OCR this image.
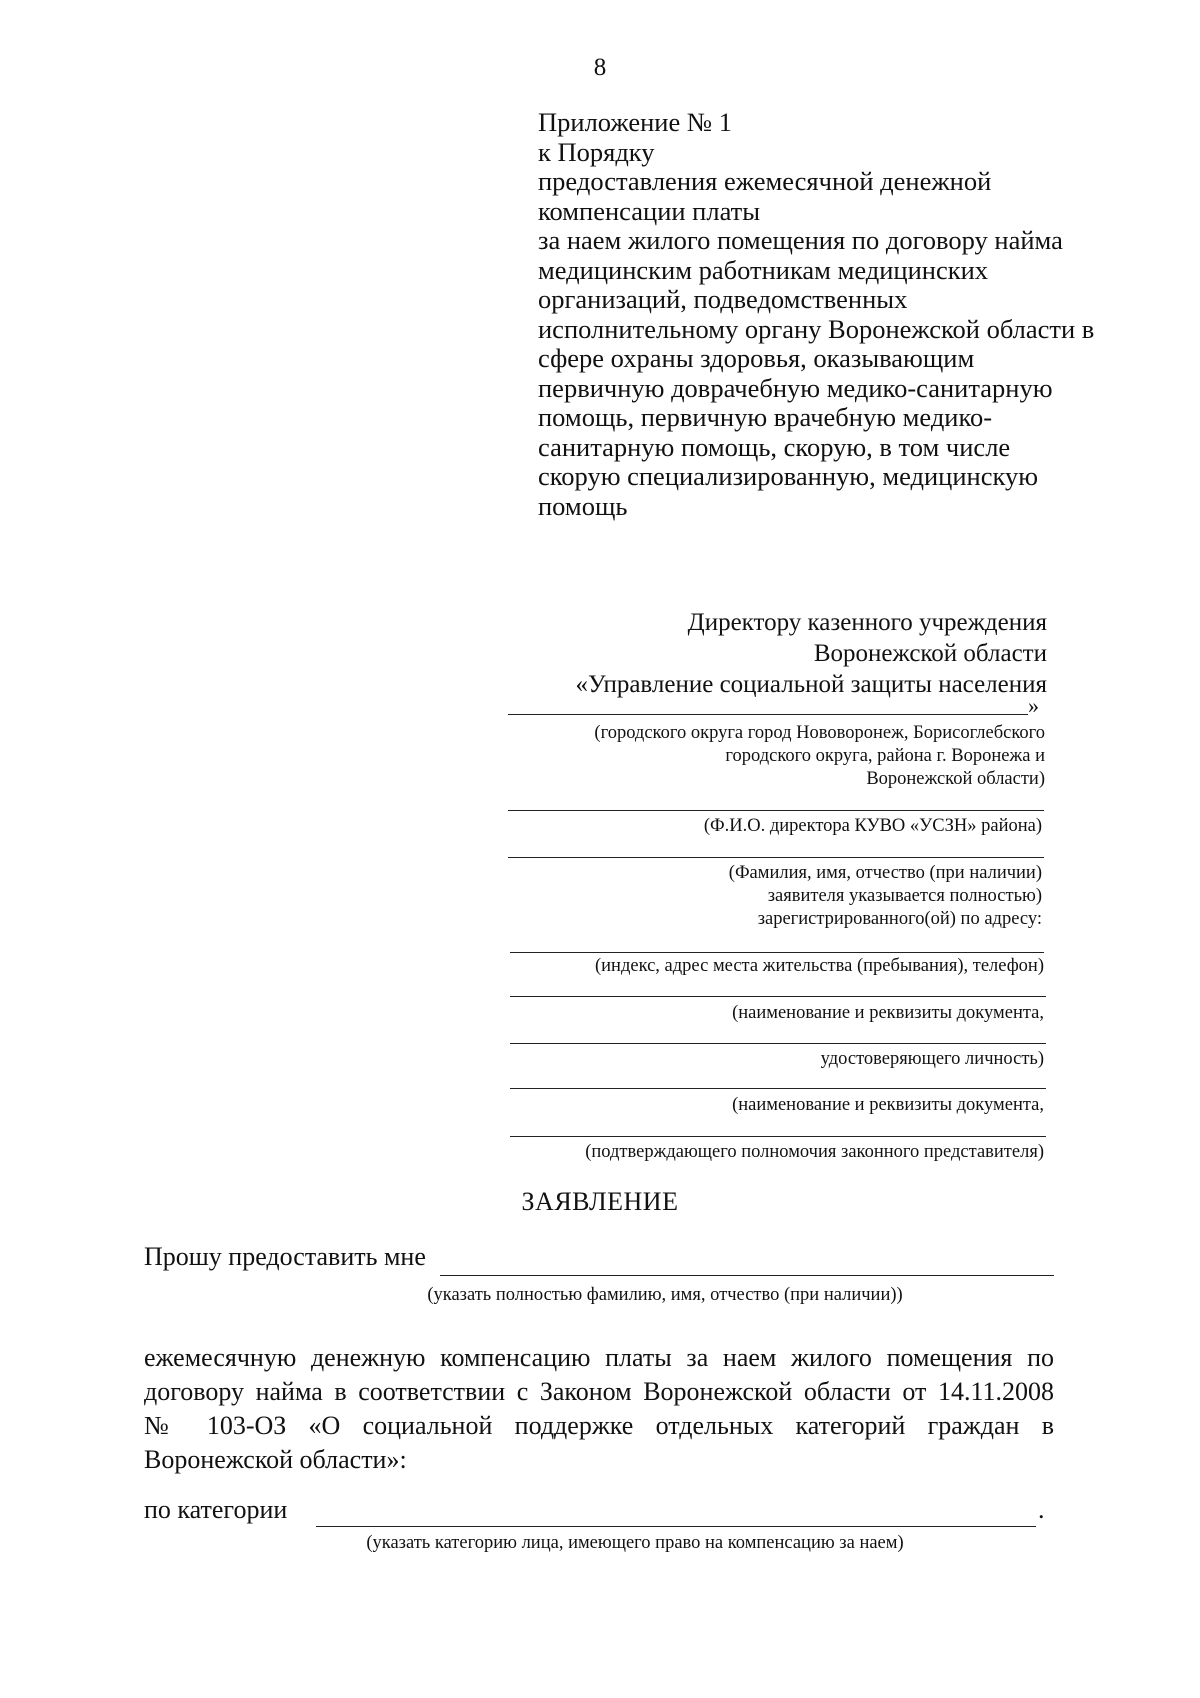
8
Приложение № 1
к Порядку
предоставления ежемесячной денежной
компенсации платы
за наем жилого помещения по договору найма
медицинским работникам медицинских
организаций, подведомственных
исполнительному органу Воронежской области в
сфере охраны здоровья, оказывающим
первичную доврачебную медико-санитарную
помощь, первичную врачебную медико-
санитарную помощь, скорую, в том числе
скорую специализированную, медицинскую
помощь
Директору казенного учреждения
Воронежской области
«Управление социальной защиты населения
»
(городского округа город Нововоронеж, Борисоглебского
городского округа, района г. Воронежа и
Воронежской области)
(Ф.И.О. директора КУВО «УСЗН» района)
(Фамилия, имя, отчество (при наличии)
заявителя указывается полностью)
зарегистрированного(ой) по адресу:
(индекс, адрес места жительства (пребывания), телефон)
(наименование и реквизиты документа,
удостоверяющего личность)
(наименование и реквизиты документа,
(подтверждающего полномочия законного представителя)
ЗАЯВЛЕНИЕ
Прошу предоставить мне
(указать полностью фамилию, имя, отчество (при наличии))
ежемесячную денежную компенсацию платы за наем жилого помещения по
договору найма в соответствии с Законом Воронежской области от 14.11.2008
№ 103-ОЗ «О социальной поддержке отдельных категорий граждан в
Воронежской области»:
по категории	.
(указать категорию лица, имеющего право на компенсацию за наем)
